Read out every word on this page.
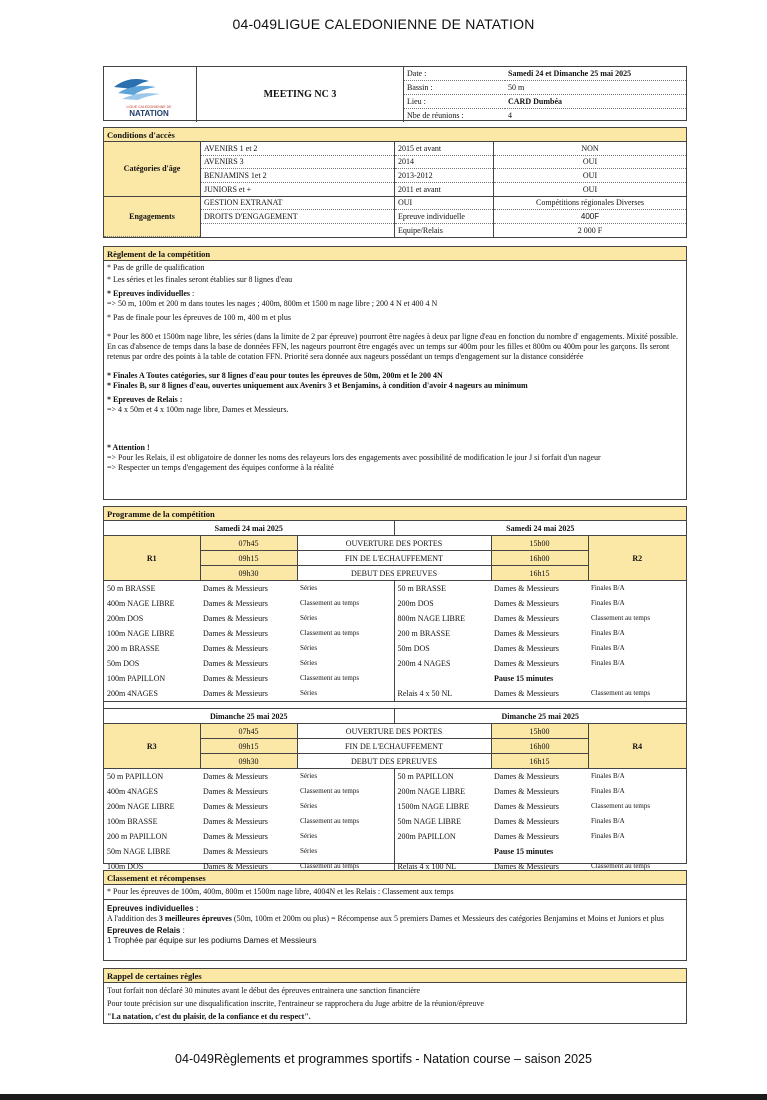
04-049LIGUE CALEDONIENNE DE NATATION
LIGUE CALEDONIENNE DE
NATATION	MEETING NC 3	Date :	Samedi 24 et Dimanche 25 mai 2025
		Bassin :	50 m
		Lieu :	CARD Dumbéa
		Nbe de réunions :	4
Conditions d'accès
Catégories d'âge	AVENIRS 1 et 2	2015 et avant	NON
	AVENIRS 3	2014	OUI
	BENJAMINS 1et 2	2013-2012	OUI
	JUNIORS et +	2011 et avant	OUI
Engagements	GESTION EXTRANAT	OUI	Compétitions régionales Diverses
	DROITS D'ENGAGEMENT	Epreuve individuelle	400F
		Equipe/Relais	2 000 F
Règlement de la compétition

* Pas de grille de qualification

* Les séries et les finales seront établies sur 8 lignes d'eau

* Epreuves individuelles :

=> 50 m, 100m et 200 m dans toutes les nages ; 400m, 800m et 1500 m nage libre ; 200 4 N et 400 4 N

* Pas de finale pour les épreuves de 100 m, 400 m et plus

* Pour les 800 et 1500m nage libre, les séries (dans la limite de 2 par épreuve) pourront être nagées à deux par ligne d'eau en fonction du nombre d' engagements. Mixité possible. En cas d'absence de temps dans la base de données FFN, les nageurs pourront être engagés avec un temps sur 400m pour les filles et 800m ou 400m pour les garçons. Ils seront retenus par ordre des points à la table de cotation FFN. Priorité sera donnée aux nageurs possédant un temps d'engagement sur la distance considérée

* Finales A Toutes catégories, sur 8 lignes d'eau pour toutes les épreuves de 50m, 200m et le 200 4N

* Finales B, sur 8 lignes d'eau, ouvertes uniquement aux Avenirs 3 et Benjamins, à condition d'avoir 4 nageurs au minimum

* Epreuves de Relais :

=> 4 x 50m et 4 x 100m nage libre, Dames et Messieurs.

* Attention !

=> Pour les Relais, il est obligatoire de donner les noms des relayeurs lors des engagements avec possibilité de modification le jour J si forfait d'un nageur

=> Respecter un temps d'engagement des équipes conforme à la réalité

Programme de la compétition
Samedi 24 mai 2025			Samedi 24 mai 2025		
R1	07h45	OUVERTURE DES PORTES		15h00	R2
	09h15	FIN DE L'ECHAUFFEMENT		16h00	
	09h30	DEBUT DES EPREUVES		16h15	
50 m BRASSE	Dames & Messieurs	Séries	50 m BRASSE	Dames & Messieurs	Finales B/A
400m NAGE LIBRE	Dames & Messieurs	Classement au temps	200m DOS	Dames & Messieurs	Finales B/A
200m DOS	Dames & Messieurs	Séries	800m NAGE LIBRE	Dames & Messieurs	Classement au temps
100m NAGE LIBRE	Dames & Messieurs	Classement au temps	200 m BRASSE	Dames & Messieurs	Finales B/A
200 m BRASSE	Dames & Messieurs	Séries	50m DOS	Dames & Messieurs	Finales B/A
50m DOS	Dames & Messieurs	Séries	200m 4 NAGES	Dames & Messieurs	Finales B/A
100m PAPILLON	Dames & Messieurs	Classement au temps		Pause 15 minutes	
200m 4NAGES	Dames & Messieurs	Séries	Relais 4 x 50 NL	Dames & Messieurs	Classement au temps
Dimanche 25 mai 2025			Dimanche 25 mai 2025		
R3	07h45	OUVERTURE DES PORTES		15h00	R4
	09h15	FIN DE L'ECHAUFFEMENT		16h00	
	09h30	DEBUT DES EPREUVES		16h15	
50 m PAPILLON	Dames & Messieurs	Séries	50 m PAPILLON	Dames & Messieurs	Finales B/A
400m 4NAGES	Dames & Messieurs	Classement au temps	200m NAGE LIBRE	Dames & Messieurs	Finales B/A
200m NAGE LIBRE	Dames & Messieurs	Séries	1500m NAGE LIBRE	Dames & Messieurs	Classement au temps
100m BRASSE	Dames & Messieurs	Classement au temps	50m NAGE LIBRE	Dames & Messieurs	Finales B/A
200 m PAPILLON	Dames & Messieurs	Séries	200m PAPILLON	Dames & Messieurs	Finales B/A
50m NAGE LIBRE	Dames & Messieurs	Séries		Pause 15 minutes	
100m DOS	Dames & Messieurs	Classement au temps	Relais 4 x 100 NL	Dames & Messieurs	Classement au temps
Classement et récompenses

* Pour les épreuves de 100m, 400m, 800m et 1500m nage libre, 4004N et les Relais : Classement aux temps

Epreuves individuelles :

A l'addition des 3 meilleures épreuves (50m, 100m et 200m ou plus) = Récompense aux 5 premiers Dames et Messieurs des catégories Benjamins et Moins et Juniors et plus

Epreuves de Relais :

1 Trophée par équipe sur les podiums Dames et Messieurs

Rappel de certaines règles

Tout forfait non déclaré 30 minutes avant le début des épreuves entrainera une sanction financière

Pour toute précision sur une disqualification inscrite, l'entraineur se rapprochera du Juge arbitre de la réunion/épreuve

"La natation, c'est du plaisir, de la confiance et du respect".

04-049Règlements et programmes sportifs - Natation course – saison 2025
